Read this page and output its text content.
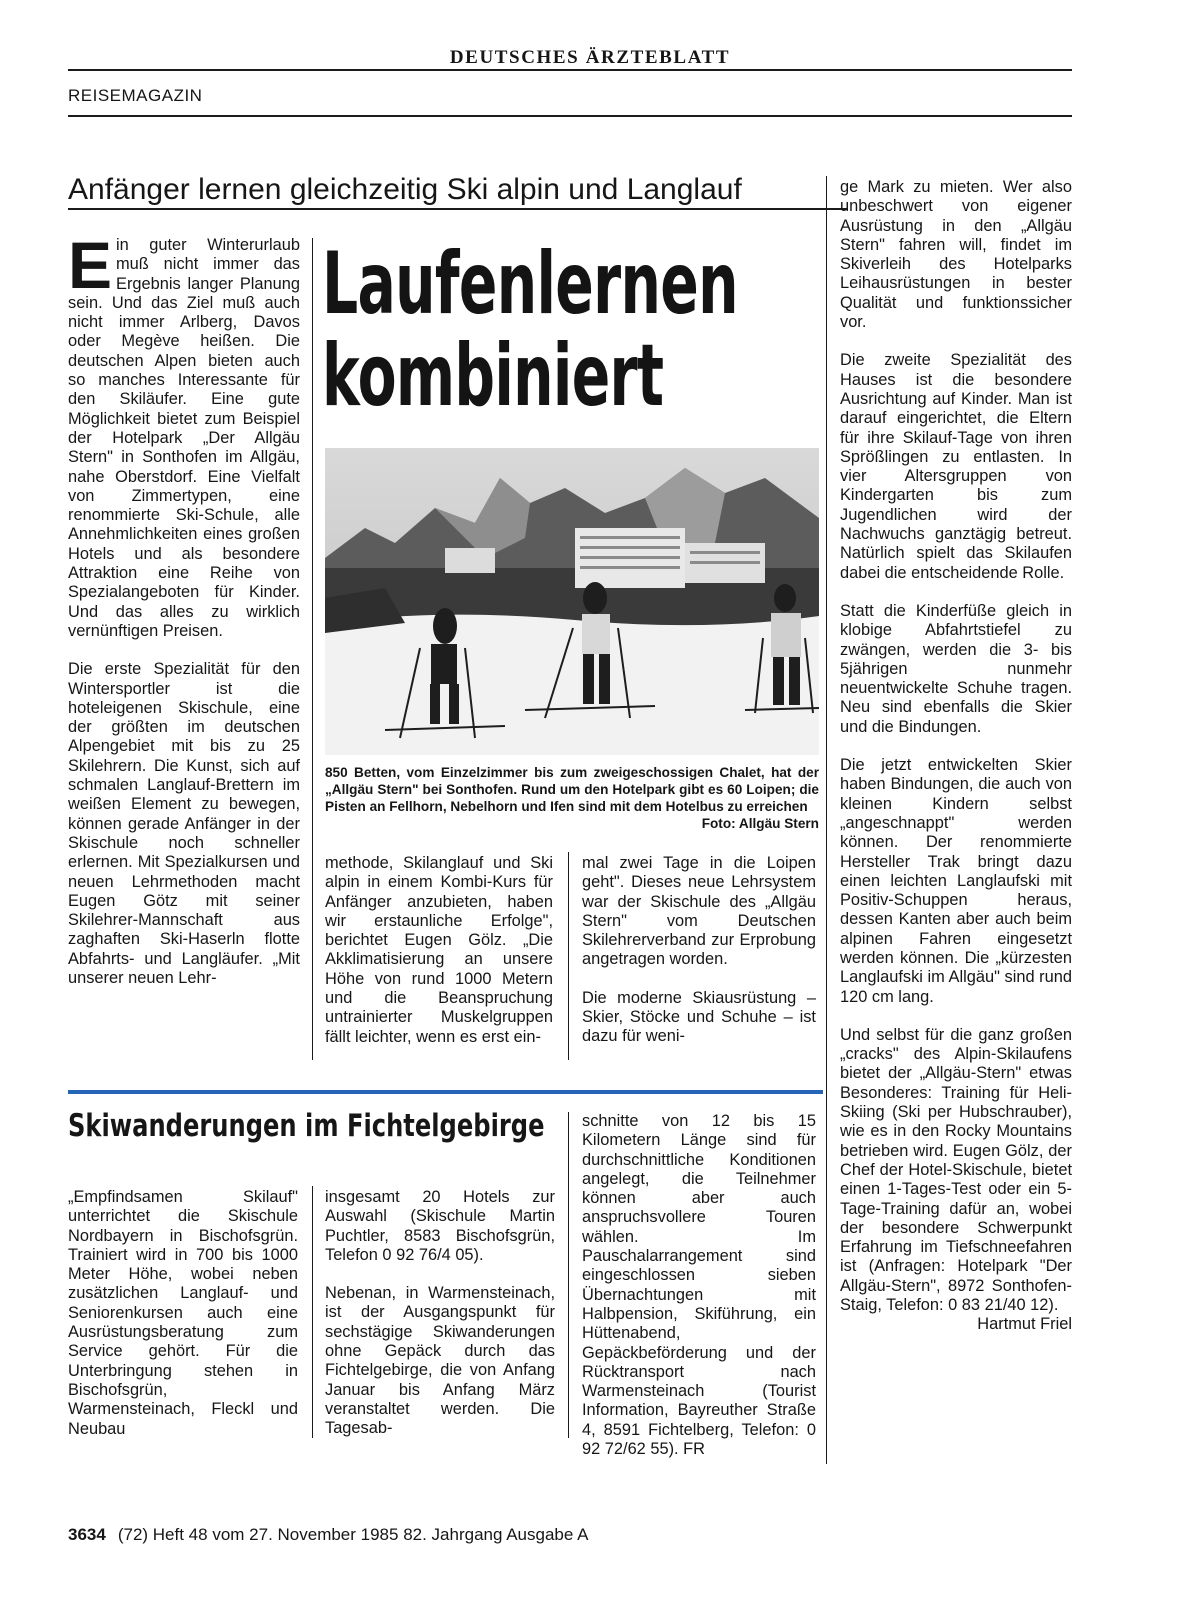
DEUTSCHES ÄRZTEBLATT
REISEMAGAZIN
Anfänger lernen gleichzeitig Ski alpin und Langlauf

Ein guter Winterurlaub muß nicht immer das Ergebnis langer Planung sein. Und das Ziel muß auch nicht immer Arlberg, Davos oder Megève heißen. Die deutschen Alpen bieten auch so manches Interessante für den Skiläufer. Eine gute Möglichkeit bietet zum Beispiel der Hotelpark „Der Allgäu Stern" in Sonthofen im Allgäu, nahe Oberstdorf. Eine Vielfalt von Zimmertypen, eine renommierte Ski-Schule, alle Annehmlichkeiten eines großen Hotels und als besondere Attraktion eine Reihe von Spezialangeboten für Kinder. Und das alles zu wirklich vernünftigen Preisen.

Die erste Spezialität für den Wintersportler ist die hoteleigenen Skischule, eine der größten im deutschen Alpengebiet mit bis zu 25 Skilehrern. Die Kunst, sich auf schmalen Langlauf-Brettern im weißen Element zu bewegen, können gerade Anfänger in der Skischule noch schneller erlernen. Mit Spezialkursen und neuen Lehrmethoden macht Eugen Götz mit seiner Skilehrer-Mannschaft aus zaghaften Ski-Haserln flotte Abfahrts- und Langläufer. „Mit unserer neuen Lehr-

Laufenlernen
kombiniert
850 Betten, vom Einzelzimmer bis zum zweigeschossigen Chalet, hat der „Allgäu Stern" bei Sonthofen. Rund um den Hotelpark gibt es 60 Loipen; die Pisten an Fellhorn, Nebelhorn und Ifen sind mit dem Hotelbus zu erreichen
Foto: Allgäu Stern

methode, Skilanglauf und Ski alpin in einem Kombi-Kurs für Anfänger anzubieten, haben wir erstaunliche Erfolge", berichtet Eugen Gölz. „Die Akklimatisierung an unsere Höhe von rund 1000 Metern und die Beanspruchung untrainierter Muskelgruppen fällt leichter, wenn es erst ein-

mal zwei Tage in die Loipen geht". Dieses neue Lehrsystem war der Skischule des „Allgäu Stern" vom Deutschen Skilehrerverband zur Erprobung angetragen worden.

Die moderne Skiausrüstung – Skier, Stöcke und Schuhe – ist dazu für weni-

ge Mark zu mieten. Wer also unbeschwert von eigener Ausrüstung in den „Allgäu Stern" fahren will, findet im Skiverleih des Hotelparks Leihausrüstungen in bester Qualität und funktionssicher vor.

Die zweite Spezialität des Hauses ist die besondere Ausrichtung auf Kinder. Man ist darauf eingerichtet, die Eltern für ihre Skilauf-Tage von ihren Sprößlingen zu entlasten. In vier Altersgruppen von Kindergarten bis zum Jugendlichen wird der Nachwuchs ganztägig betreut. Natürlich spielt das Skilaufen dabei die entscheidende Rolle.

Statt die Kinderfüße gleich in klobige Abfahrtstiefel zu zwängen, werden die 3- bis 5jährigen nunmehr neuentwickelte Schuhe tragen. Neu sind ebenfalls die Skier und die Bindungen.

Die jetzt entwickelten Skier haben Bindungen, die auch von kleinen Kindern selbst „angeschnappt" werden können. Der renommierte Hersteller Trak bringt dazu einen leichten Langlaufski mit Positiv-Schuppen heraus, dessen Kanten aber auch beim alpinen Fahren eingesetzt werden können. Die „kürzesten Langlaufski im Allgäu" sind rund 120 cm lang.

Und selbst für die ganz großen „cracks" des Alpin-Skilaufens bietet der „Allgäu-Stern" etwas Besonderes: Training für Heli-Skiing (Ski per Hubschrauber), wie es in den Rocky Mountains betrieben wird. Eugen Gölz, der Chef der Hotel-Skischule, bietet einen 1-Tages-Test oder ein 5-Tage-Training dafür an, wobei der besondere Schwerpunkt Erfahrung im Tiefschneefahren ist (Anfragen: Hotelpark "Der Allgäu-Stern", 8972 Sonthofen-Staig, Telefon: 0 83 21/40 12).
Hartmut Friel

Skiwanderungen im Fichtelgebirge

„Empfindsamen Skilauf" unterrichtet die Skischule Nordbayern in Bischofsgrün. Trainiert wird in 700 bis 1000 Meter Höhe, wobei neben zusätzlichen Langlauf- und Seniorenkursen auch eine Ausrüstungsberatung zum Service gehört. Für die Unterbringung stehen in Bischofsgrün, Warmensteinach, Fleckl und Neubau

insgesamt 20 Hotels zur Auswahl (Skischule Martin Puchtler, 8583 Bischofsgrün, Telefon 0 92 76/4 05).

Nebenan, in Warmensteinach, ist der Ausgangspunkt für sechstägige Skiwanderungen ohne Gepäck durch das Fichtelgebirge, die von Anfang Januar bis Anfang März veranstaltet werden. Die Tagesab-

schnitte von 12 bis 15 Kilometern Länge sind für durchschnittliche Konditionen angelegt, die Teilnehmer können aber auch anspruchsvollere Touren wählen. Im Pauschalarrangement sind eingeschlossen sieben Übernachtungen mit Halbpension, Skiführung, ein Hüttenabend, Gepäckbeförderung und der Rücktransport nach Warmensteinach (Tourist Information, Bayreuther Straße 4, 8591 Fichtelberg, Telefon: 0 92 72/62 55). FR

3634 (72) Heft 48 vom 27. November 1985 82. Jahrgang Ausgabe A
